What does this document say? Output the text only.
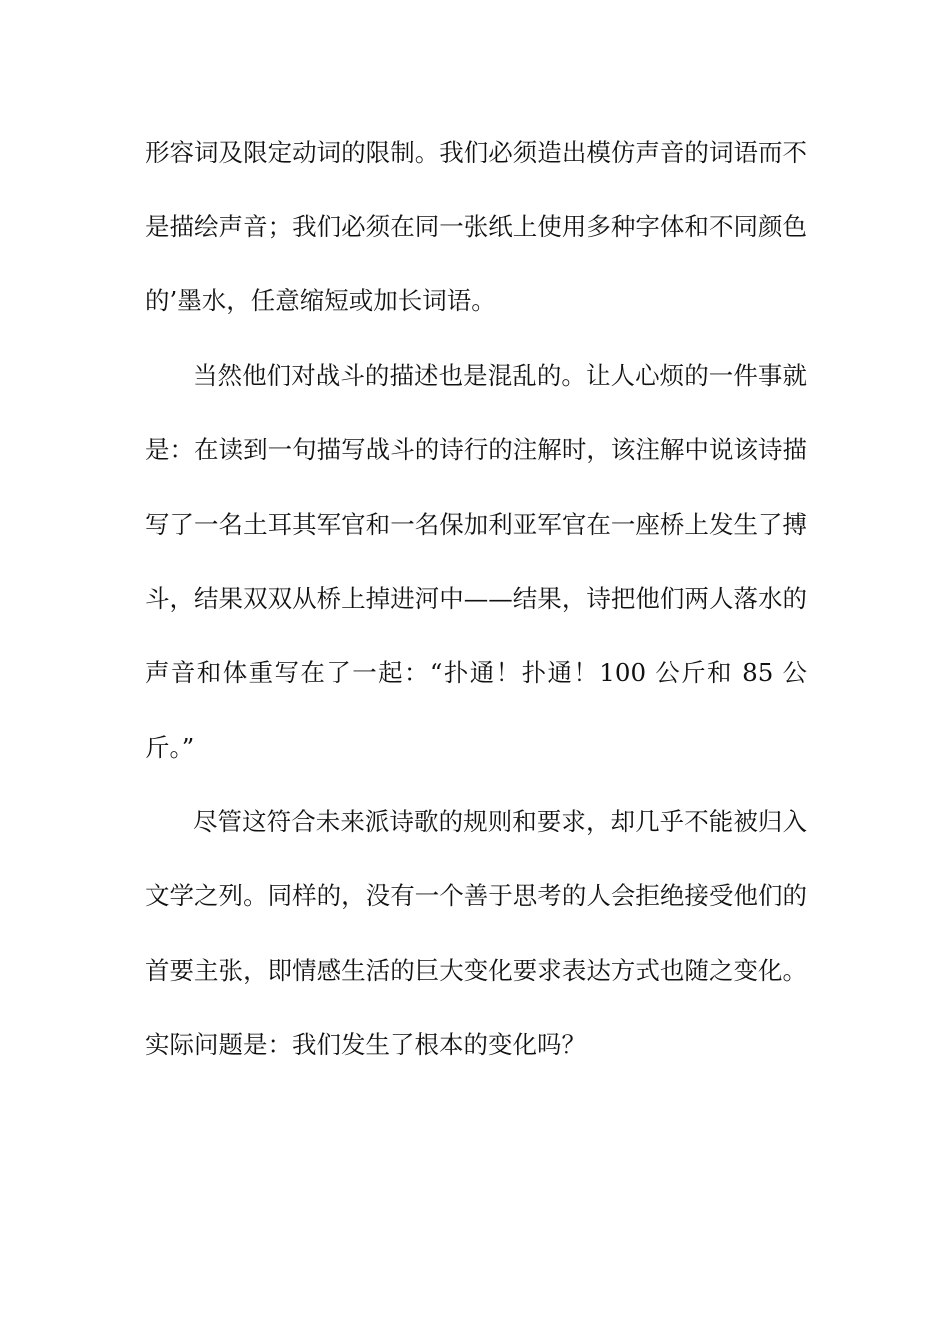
形容词及限定动词的限制。我们必须造出模仿声音的词语而不
是描绘声音；我们必须在同一张纸上使用多种字体和不同颜色
的’墨水，任意缩短或加长词语。
当然他们对战斗的描述也是混乱的。让人心烦的一件事就
是：在读到一句描写战斗的诗行的注解时，该注解中说该诗描
写了一名土耳其军官和一名保加利亚军官在一座桥上发生了搏
斗，结果双双从桥上掉进河中——结果，诗把他们两人落水的
声音和体重写在了一起：“扑通！扑通！100 公斤和 85 公
斤。”
尽管这符合未来派诗歌的规则和要求，却几乎不能被归入
文学之列。同样的，没有一个善于思考的人会拒绝接受他们的
首要主张，即情感生活的巨大变化要求表达方式也随之变化。
实际问题是：我们发生了根本的变化吗？
